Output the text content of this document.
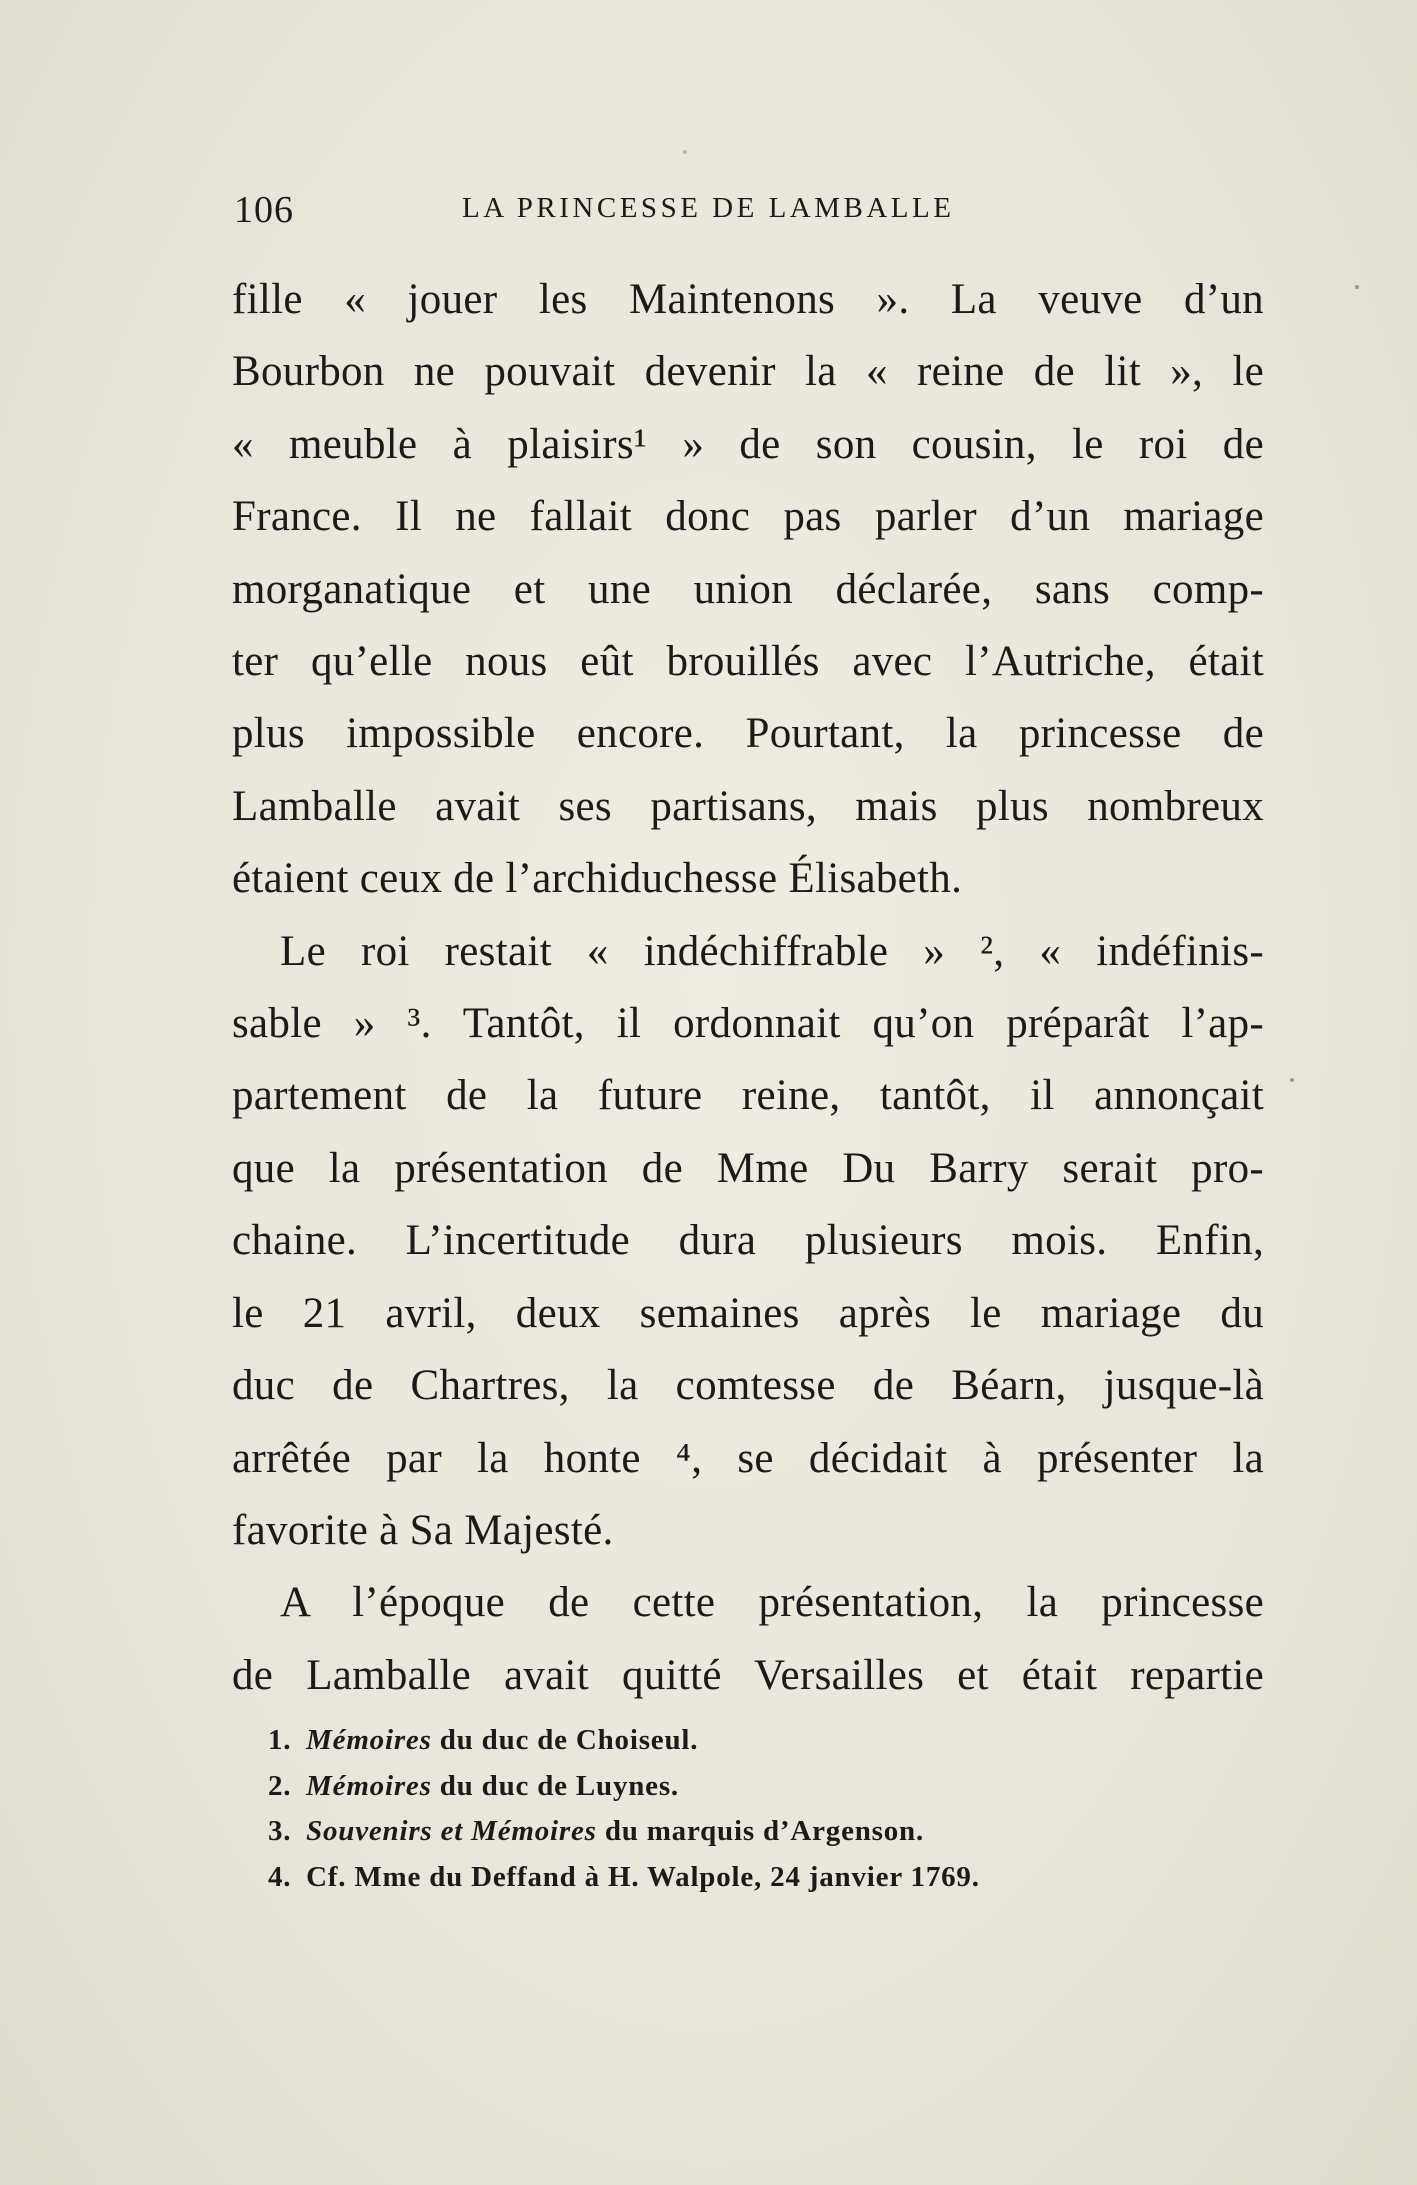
106	LA PRINCESSE DE LAMBALLE

fille « jouer les Maintenons ». La veuve d’un
Bourbon ne pouvait devenir la « reine de lit », le
« meuble à plaisirs¹ » de son cousin, le roi de
France. Il ne fallait donc pas parler d’un mariage
morganatique et une union déclarée, sans comp-
ter qu’elle nous eût brouillés avec l’Autriche, était
plus impossible encore. Pourtant, la princesse de
Lamballe avait ses partisans, mais plus nombreux
étaient ceux de l’archiduchesse Élisabeth.

Le roi restait « indéchiffrable » ², « indéfinis-
sable » ³. Tantôt, il ordonnait qu’on préparât l’ap-
partement de la future reine, tantôt, il annonçait
que la présentation de Mme Du Barry serait pro-
chaine. L’incertitude dura plusieurs mois. Enfin,
le 21 avril, deux semaines après le mariage du
duc de Chartres, la comtesse de Béarn, jusque-là
arrêtée par la honte ⁴, se décidait à présenter la
favorite à Sa Majesté.

A l’époque de cette présentation, la princesse
de Lamballe avait quitté Versailles et était repartie

1. Mémoires du duc de Choiseul.
2. Mémoires du duc de Luynes.
3. Souvenirs et Mémoires du marquis d’Argenson.
4. Cf. Mme du Deffand à H. Walpole, 24 janvier 1769.
